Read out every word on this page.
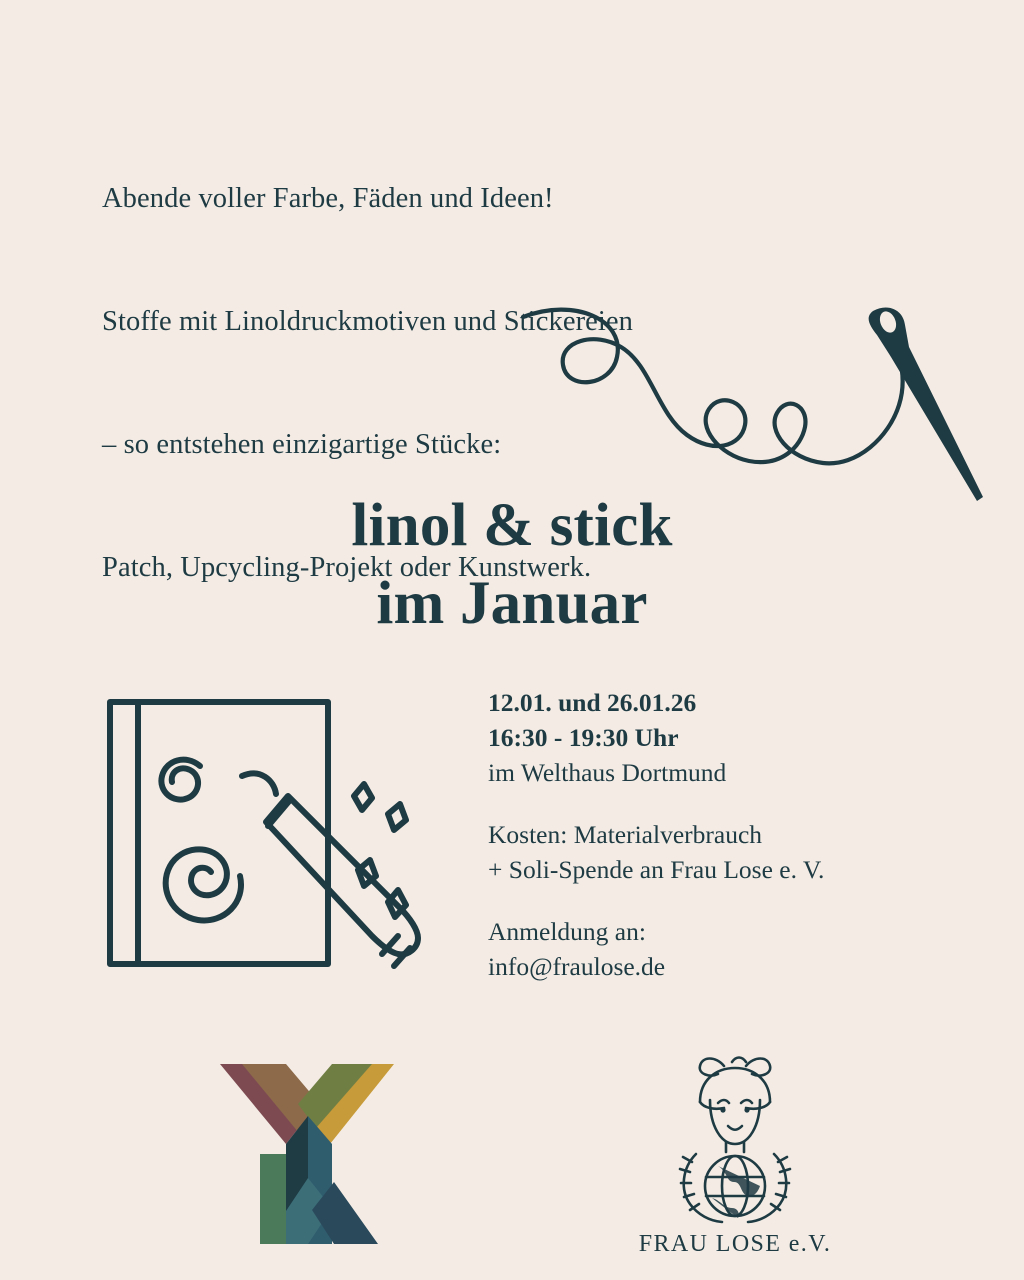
Abende voller Farbe, Fäden und Ideen!

Stoffe mit Linoldruckmotiven und Stickereien

– so entstehen einzigartige Stücke:

Patch, Upcycling-Projekt oder Kunstwerk.

linol & stick
im Januar
12.01. und 26.01.26
16:30 - 19:30 Uhr
im Welthaus Dortmund
Kosten: Materialverbrauch
+ Soli-Spende an Frau Lose e. V.
Anmeldung an:
info@fraulose.de
FRAU LOSE e.V.
